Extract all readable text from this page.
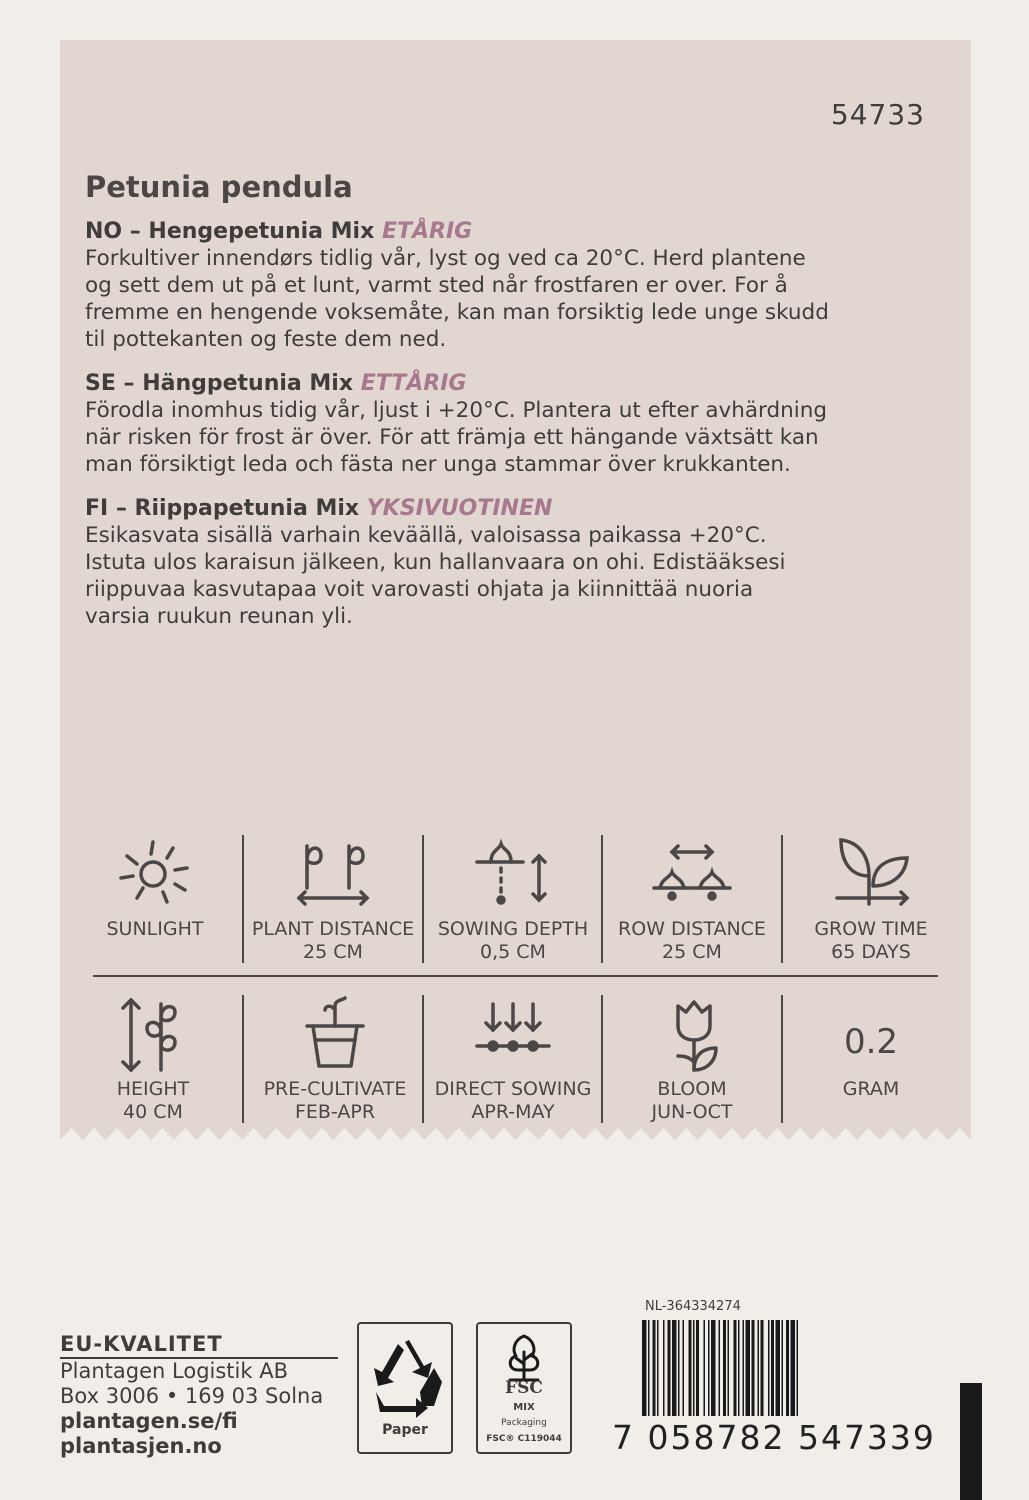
54733
Petunia pendula
NO – Hengepetunia Mix ETÅRIG
Forkultiver innendørs tidlig vår, lyst og ved ca 20°C. Herd plantene
og sett dem ut på et lunt, varmt sted når frostfaren er over. For å
fremme en hengende voksemåte, kan man forsiktig lede unge skudd
til pottekanten og feste dem ned.
SE – Hängpetunia Mix ETTÅRIG
Förodla inomhus tidig vår, ljust i +20°C. Plantera ut efter avhärdning
när risken för frost är över. För att främja ett hängande växtsätt kan
man försiktigt leda och fästa ner unga stammar över krukkanten.
FI – Riippapetunia Mix YKSIVUOTINEN
Esikasvata sisällä varhain keväällä, valoisassa paikassa +20°C.
Istuta ulos karaisun jälkeen, kun hallanvaara on ohi. Edistääksesi
riippuvaa kasvutapaa voit varovasti ohjata ja kiinnittää nuoria
varsia ruukun reunan yli.
SUNLIGHT	PLANT DISTANCE
25 CM
SOWING DEPTH
0,5 CM
ROW DISTANCE
25 CM
GROW TIME
65 DAYS
HEIGHT
40 CM
PRE-CULTIVATE
FEB-APR
DIRECT SOWING
APR-MAY
BLOOM
JUN-OCT
0.2
GRAM
EU-KVALITET
Plantagen Logistik AB
Box 3006 • 169 03 Solna
plantagen.se/fi
plantasjen.no
Paper
FSC
MIX
Packaging
FSC® C119044
NL-364334274
7 058782 547339
